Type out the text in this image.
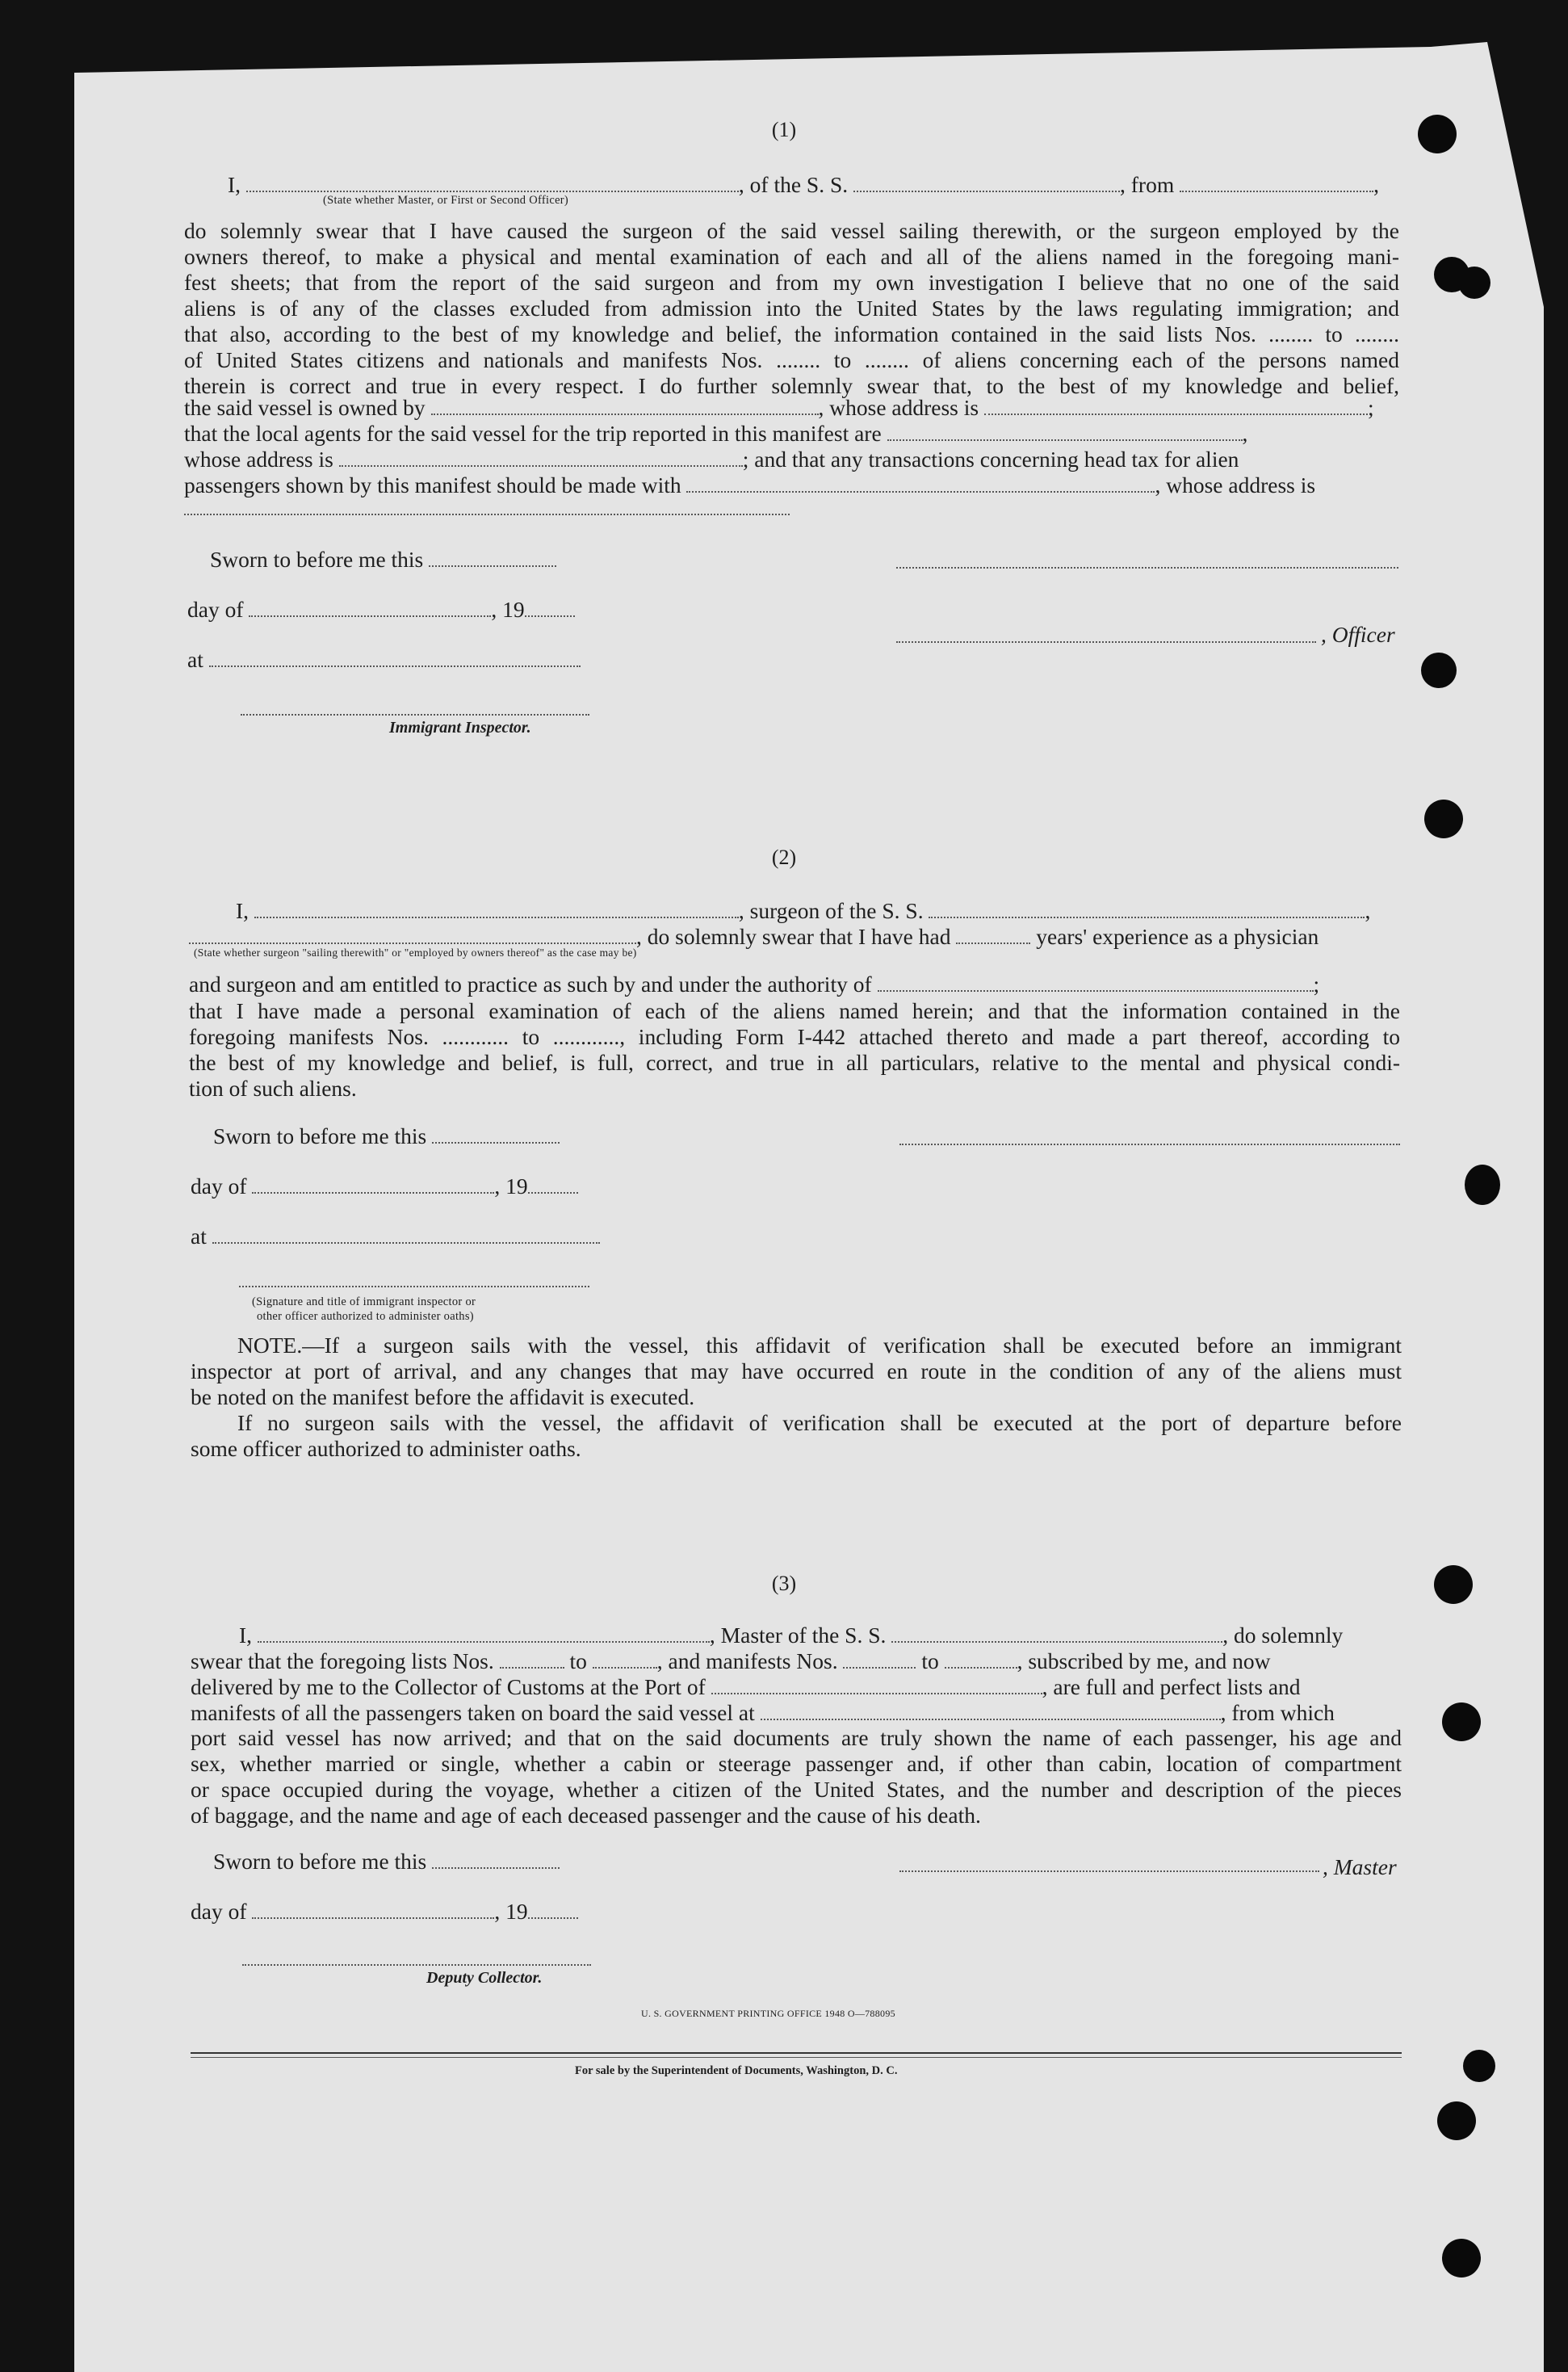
(1)
I,	, of the S. S.	, from	,
(State whether Master, or First or Second Officer)
do solemnly swear that I have caused the surgeon of the said vessel sailing therewith, or the surgeon employed by the
owners thereof, to make a physical and mental examination of each and all of the aliens named in the foregoing mani-
fest sheets; that from the report of the said surgeon and from my own investigation I believe that no one of the said
aliens is of any of the classes excluded from admission into the United States by the laws regulating immigration; and
that also, according to the best of my knowledge and belief, the information contained in the said lists Nos. ........ to ........
of United States citizens and nationals and manifests Nos. ........ to ........ of aliens concerning each of the persons named
therein is correct and true in every respect. I do further solemnly swear that, to the best of my knowledge and belief,
the said vessel is owned by	, whose address is	;
that the local agents for the said vessel for the trip reported in this manifest are	,
whose address is	; and that any transactions concerning head tax for alien
passengers shown by this manifest should be made with	, whose address is
Sworn to before me this
day of	, 19
, Officer
at
Immigrant Inspector.
(2)
I,	, surgeon of the S. S.	,
, do solemnly swear that I have had	years' experience as a physician
(State whether surgeon "sailing therewith" or "employed by owners thereof" as the case may be)
and surgeon and am entitled to practice as such by and under the authority of	;
that I have made a personal examination of each of the aliens named herein; and that the information contained in the
foregoing manifests Nos. ............ to ............, including Form I-442 attached thereto and made a part thereof, according to
the best of my knowledge and belief, is full, correct, and true in all particulars, relative to the mental and physical condi-
tion of such aliens.
Sworn to before me this
day of	, 19
at
(Signature and title of immigrant inspector or
other officer authorized to administer oaths)
NOTE.—If a surgeon sails with the vessel, this affidavit of verification shall be executed before an immigrant
inspector at port of arrival, and any changes that may have occurred en route in the condition of any of the aliens must
be noted on the manifest before the affidavit is executed.
If no surgeon sails with the vessel, the affidavit of verification shall be executed at the port of departure before
some officer authorized to administer oaths.
(3)
I,	, Master of the S. S.	, do solemnly
swear that the foregoing lists Nos.	to	, and manifests Nos.	to	, subscribed by me, and now
delivered by me to the Collector of Customs at the Port of	, are full and perfect lists and
manifests of all the passengers taken on board the said vessel at	, from which
port said vessel has now arrived; and that on the said documents are truly shown the name of each passenger, his age and
sex, whether married or single, whether a cabin or steerage passenger and, if other than cabin, location of compartment
or space occupied during the voyage, whether a citizen of the United States, and the number and description of the pieces
of baggage, and the name and age of each deceased passenger and the cause of his death.
Sworn to before me this	, Master
day of	, 19
Deputy Collector.
U. S. GOVERNMENT PRINTING OFFICE 1948 O—788095
For sale by the Superintendent of Documents, Washington, D. C.
